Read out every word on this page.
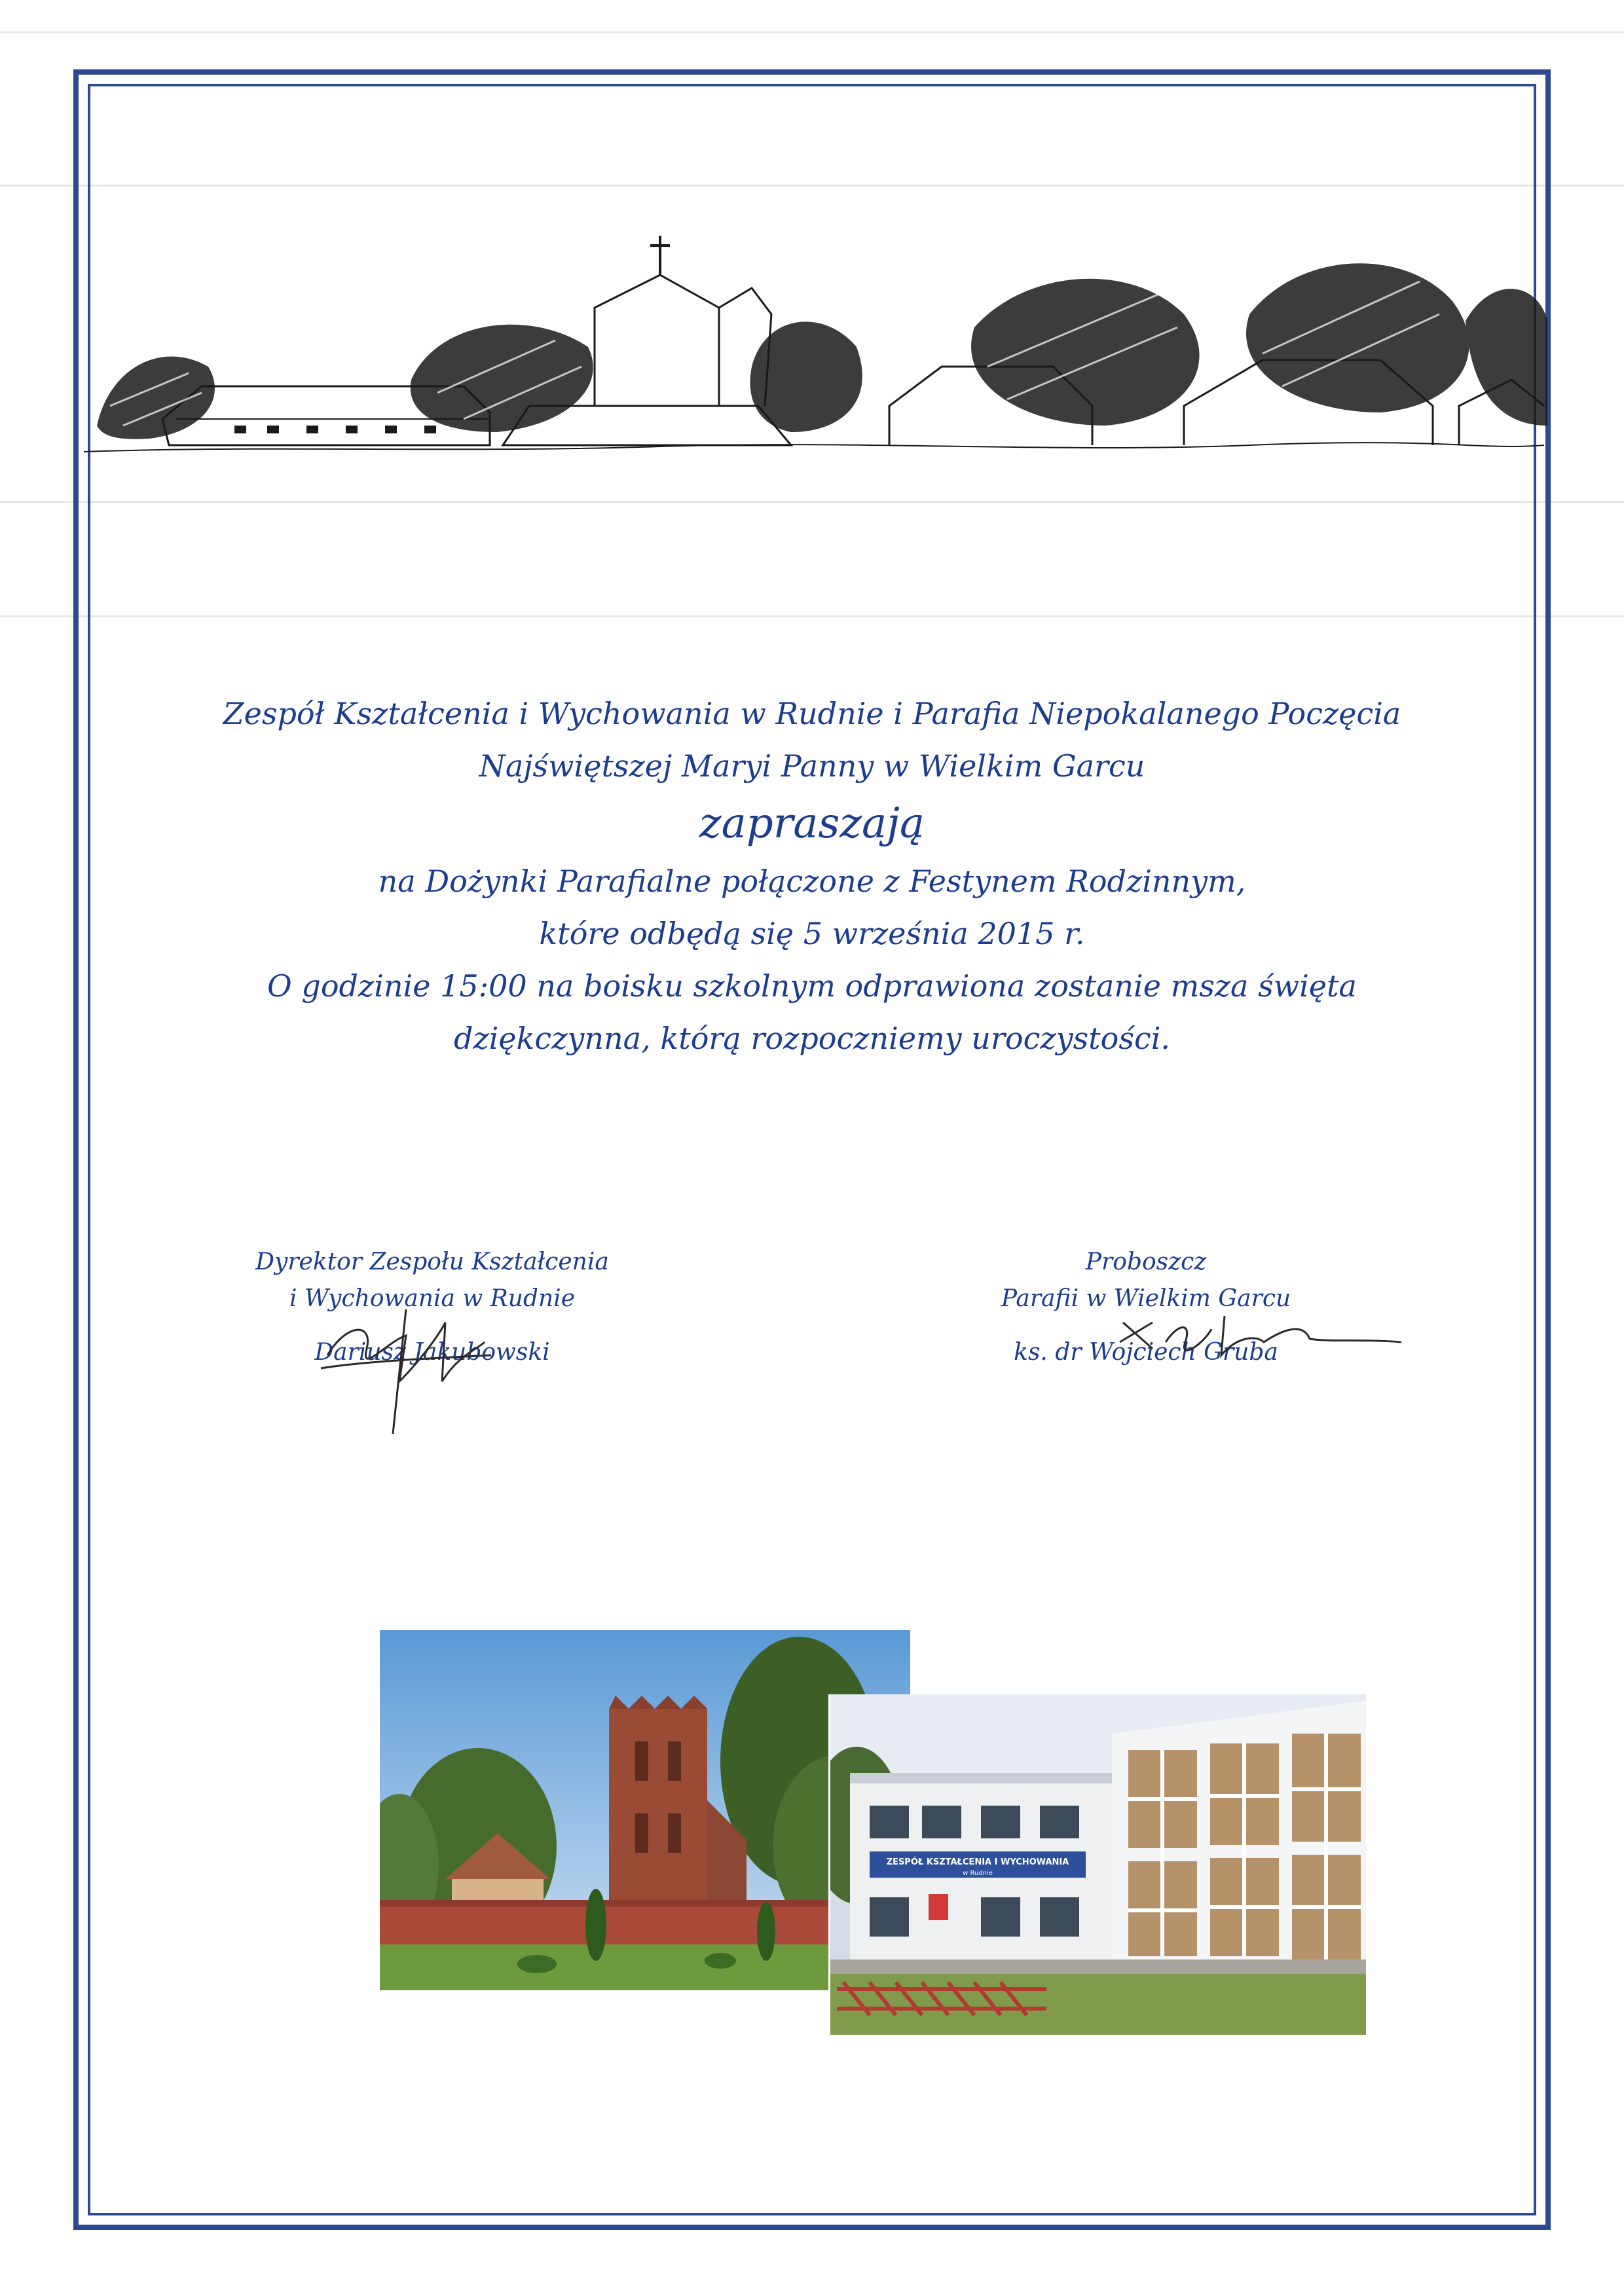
Zespół Kształcenia i Wychowania w Rudnie i Parafia Niepokalanego Poczęcia
Najświętszej Maryi Panny w Wielkim Garcu
zapraszają
na Dożynki Parafialne połączone z Festynem Rodzinnym,
które odbędą się 5 września 2015 r.
O godzinie 15:00 na boisku szkolnym odprawiona zostanie msza święta
dziękczynna, którą rozpoczniemy uroczystości.
Dyrektor Zespołu Kształcenia
i Wychowania w Rudnie
Dariusz Jakubowski
Proboszcz
Parafii w Wielkim Garcu
ks. dr Wojciech Gruba
ZESPÓŁ KSZTAŁCENIA I WYCHOWANIA
w Rudnie
